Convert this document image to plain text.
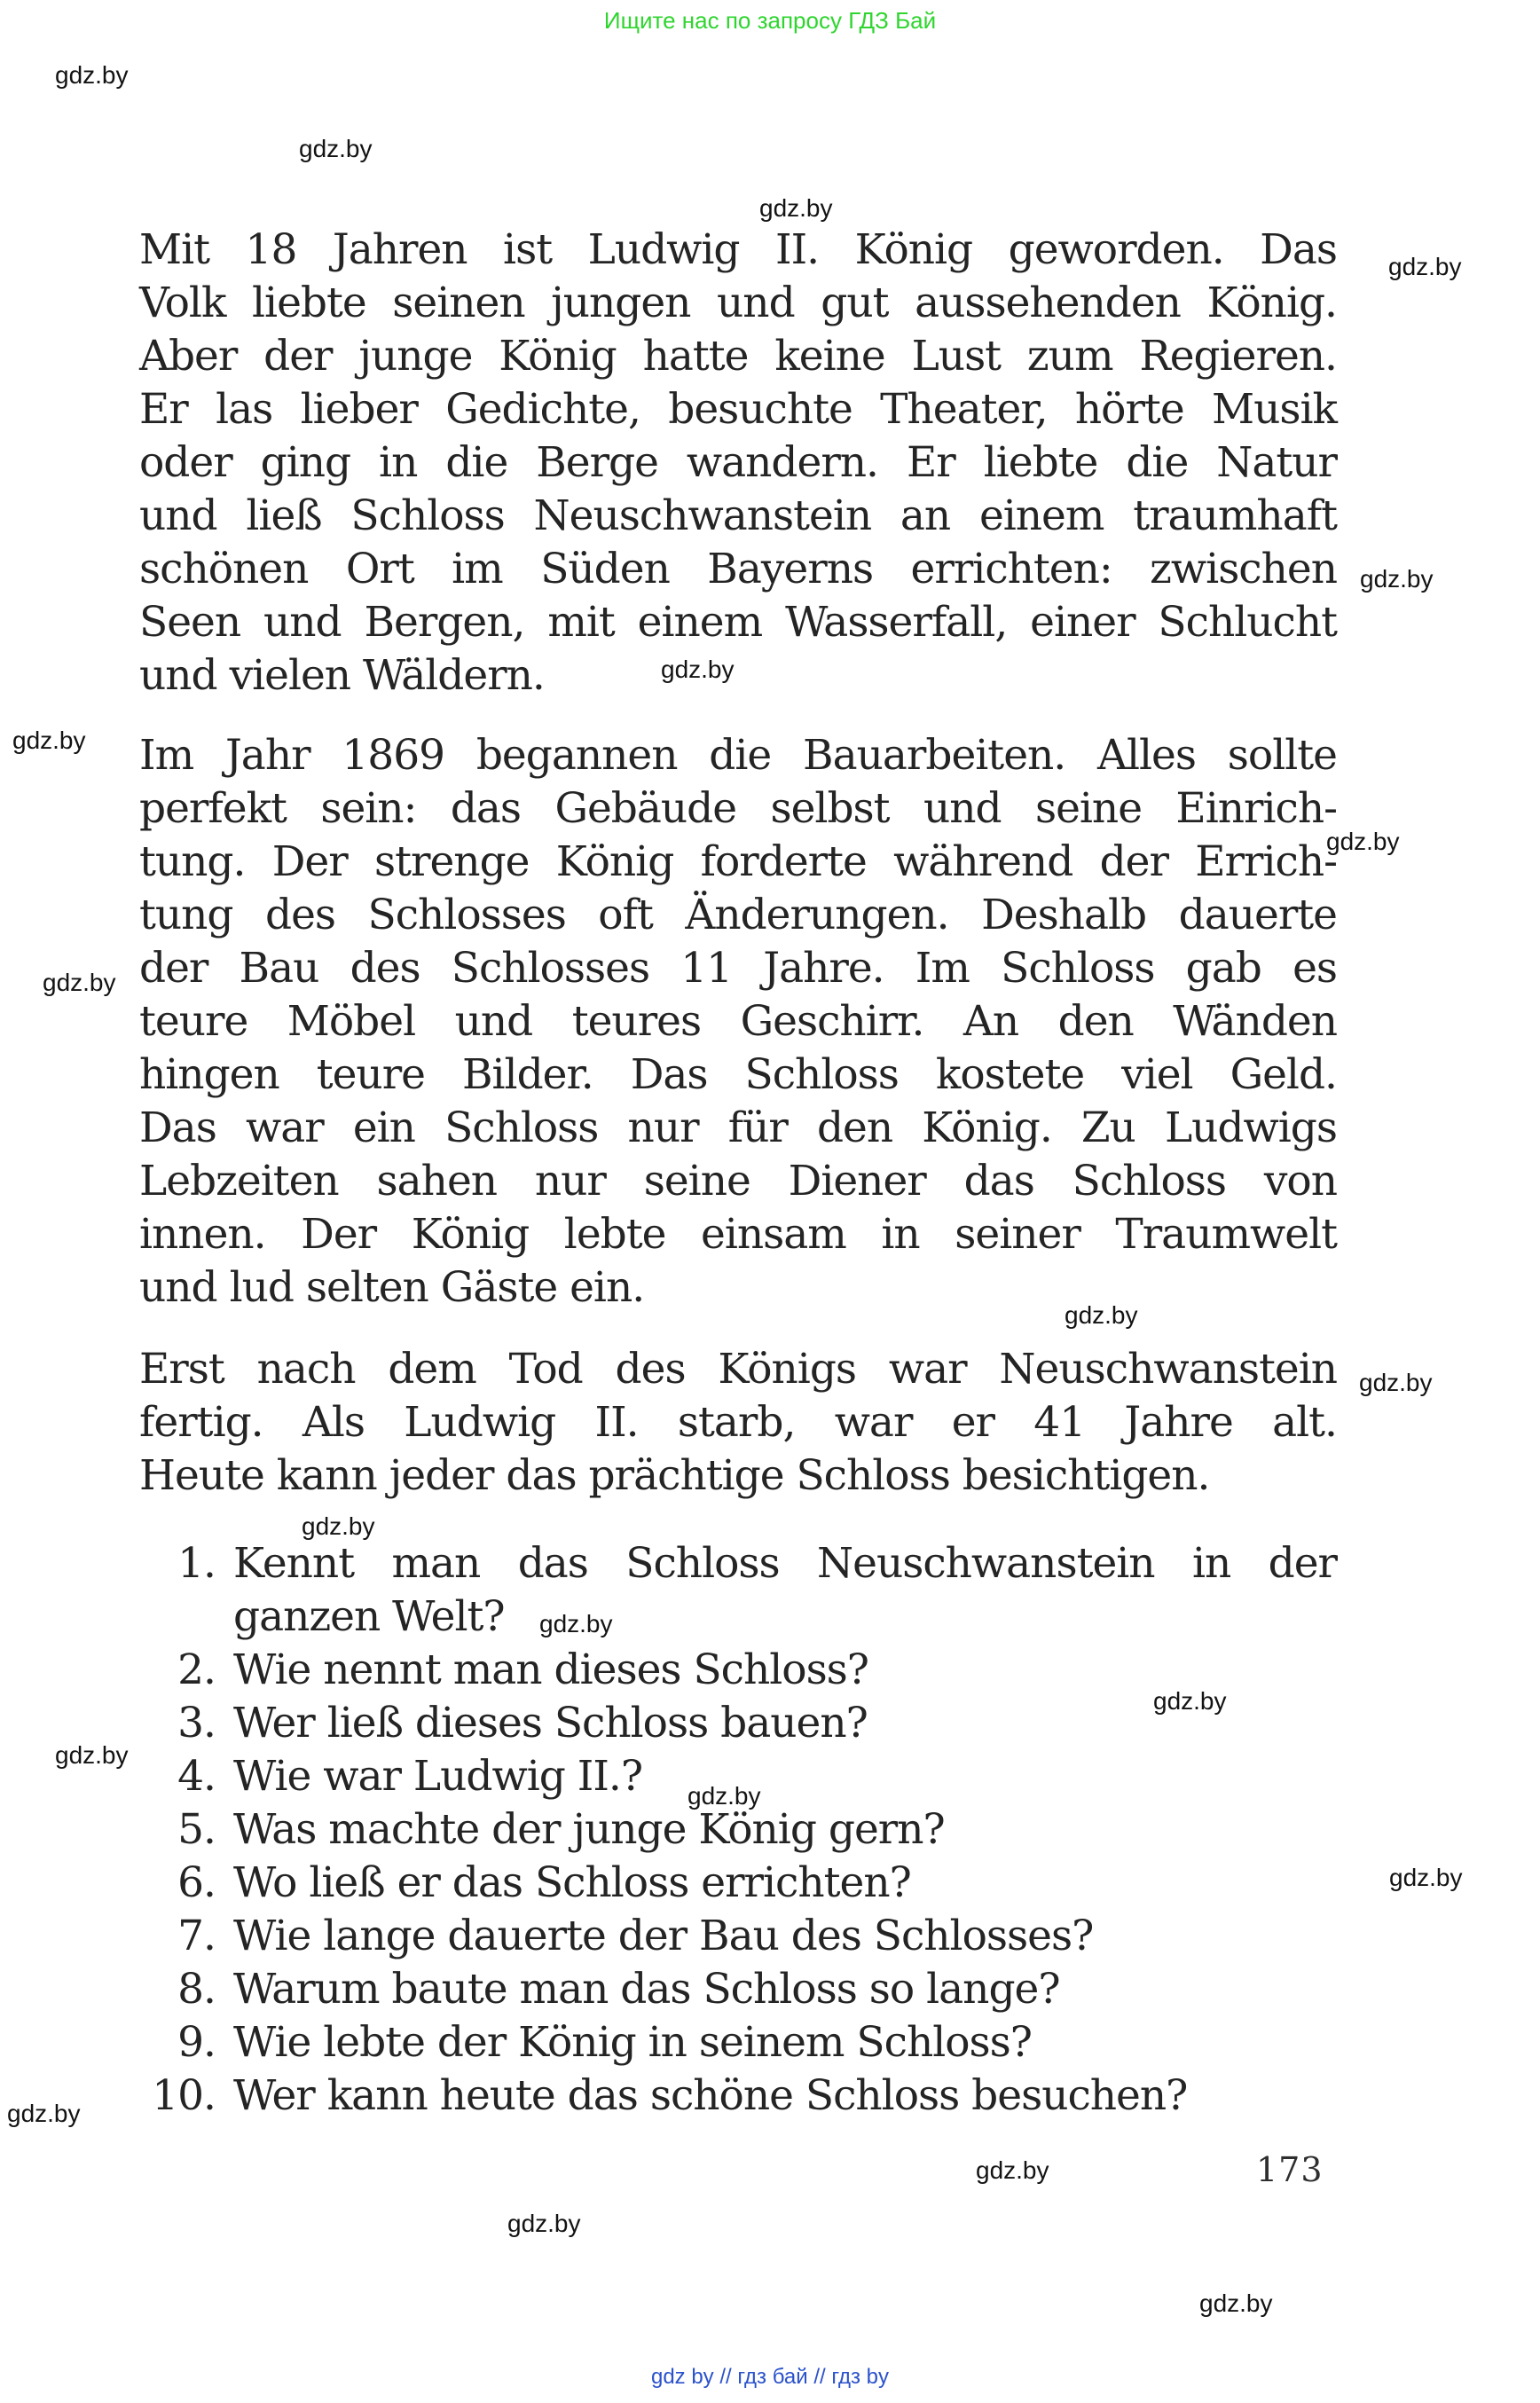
Ищите нас по запросу ГДЗ Бай
Mit 18 Jahren ist Ludwig II. König geworden. Das
Volk liebte seinen jungen und gut aussehenden König.
Aber der junge König hatte keine Lust zum Regieren.
Er las lieber Gedichte, besuchte Theater, hörte Musik
oder ging in die Berge wandern. Er liebte die Natur
und ließ Schloss Neuschwanstein an einem traumhaft
schönen Ort im Süden Bayerns errichten: zwischen
Seen und Bergen, mit einem Wasserfall, einer Schlucht
und vielen Wäldern.
Im Jahr 1869 begannen die Bauarbeiten. Alles sollte
perfekt sein: das Gebäude selbst und seine Einrich-
tung. Der strenge König forderte während der Errich-
tung des Schlosses oft Änderungen. Deshalb dauerte
der Bau des Schlosses 11 Jahre. Im Schloss gab es
teure Möbel und teures Geschirr. An den Wänden
hingen teure Bilder. Das Schloss kostete viel Geld.
Das war ein Schloss nur für den König. Zu Ludwigs
Lebzeiten sahen nur seine Diener das Schloss von
innen. Der König lebte einsam in seiner Traumwelt
und lud selten Gäste ein.
Erst nach dem Tod des Königs war Neuschwanstein
fertig. Als Ludwig II. starb, war er 41 Jahre alt.
Heute kann jeder das prächtige Schloss besichtigen.
1. Kennt man das Schloss Neuschwanstein in der
ganzen Welt?
2. Wie nennt man dieses Schloss?
3. Wer ließ dieses Schloss bauen?
4. Wie war Ludwig II.?
5. Was machte der junge König gern?
6. Wo ließ er das Schloss errichten?
7. Wie lange dauerte der Bau des Schlosses?
8. Warum baute man das Schloss so lange?
9. Wie lebte der König in seinem Schloss?
10. Wer kann heute das schöne Schloss besuchen?
gdz.by
gdz.by
gdz.by
gdz.by
gdz.by
gdz.by
gdz.by
gdz.by
gdz.by
gdz.by
gdz.by
gdz.by
gdz.by
gdz.by
gdz.by
gdz.by
gdz.by
gdz.by
gdz.by
gdz.by
gdz.by
173
gdz by // гдз бай // гдз by
